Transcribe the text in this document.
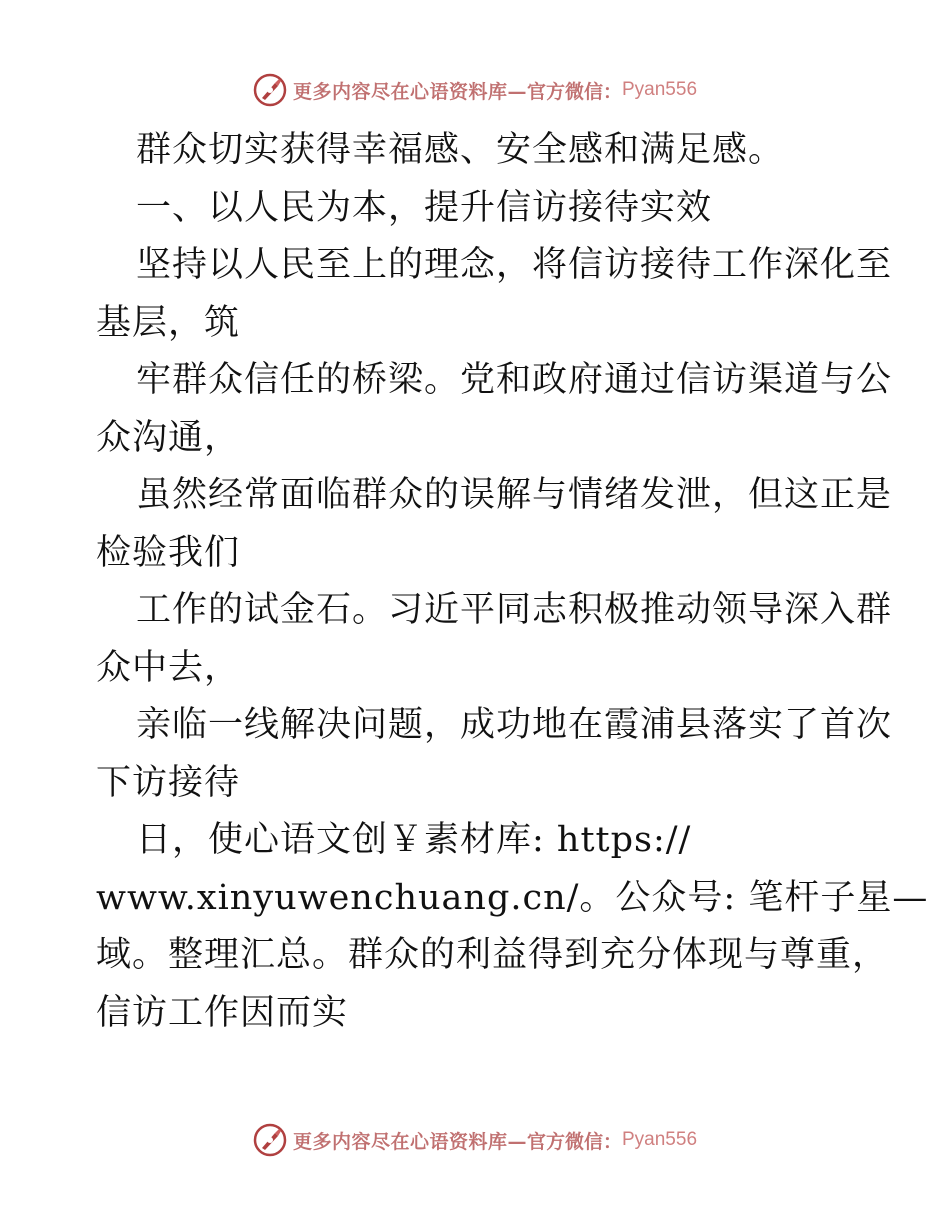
更多内容尽在心语资料库— 官方微信： Pyan556
群众切实获得幸福感、安全感和满足感。
一、以人民为本，提升信访接待实效
坚持以人民至上的理念，将信访接待工作深化至
基层，筑
牢群众信任的桥梁。党和政府通过信访渠道与公
众沟通，
虽然经常面临群众的误解与情绪发泄，但这正是
检验我们
工作的试金石。习近平同志积极推动领导深入群
众中去，
亲临一线解决问题，成功地在霞浦县落实了首次
下访接待
日，使心语文创￥素材库: https://
www.xinyuwenchuang.cn/。公众号: 笔杆子星—
域。整理汇总。群众的利益得到充分体现与尊重，
信访工作因而实
更多内容尽在心语资料库— 官方微信： Pyan556
